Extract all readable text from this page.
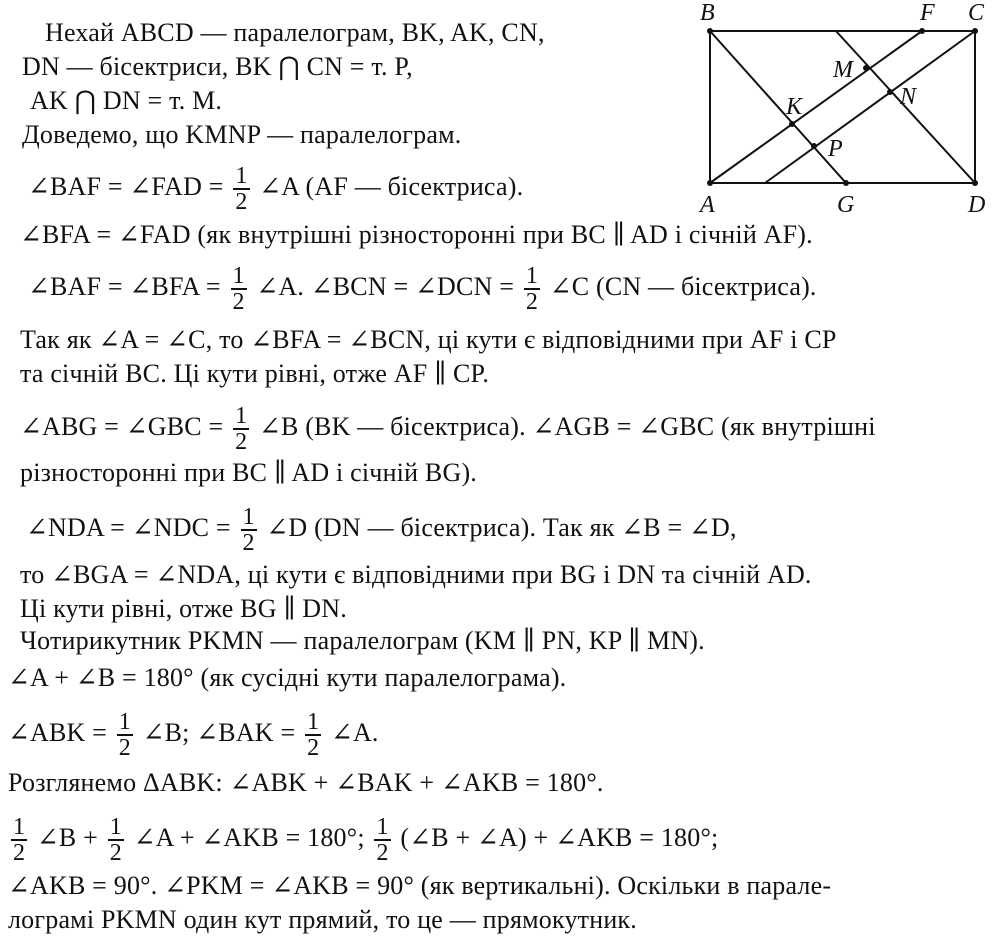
B	F C
M
N
K
P
A	G	D
Нехай ABCD — паралелограм, BK, AK, CN,
DN — бісектриси, BK ⋂ CN = т. P,
AK ⋂ DN = т. M.
Доведемо, що KMNP — паралелограм.
∠BAF = ∠FAD = $\frac{1}{2}$ ∠A (AF — бісектриса).
∠BFA = ∠FAD (як внутрішні різносторонні при BC ∥ AD і січній AF).
∠BAF = ∠BFA = $\frac{1}{2}$ ∠A. ∠BCN = ∠DCN = $\frac{1}{2}$ ∠C (CN — бісектриса).
Так як ∠A = ∠C, то ∠BFA = ∠BCN, ці кути є відповідними при AF і CP
та січній BC. Ці кути рівні, отже AF ∥ CP.
∠ABG = ∠GBC = $\frac{1}{2}$ ∠B (BK — бісектриса). ∠AGB = ∠GBC (як внутрішні
різносторонні при BC ∥ AD і січній BG).
∠NDA = ∠NDC = $\frac{1}{2}$ ∠D (DN — бісектриса). Так як ∠B = ∠D,
то ∠BGA = ∠NDA, ці кути є відповідними при BG і DN та січній AD.
Ці кути рівні, отже BG ∥ DN.
Чотирикутник PKMN — паралелограм (KM ∥ PN, KP ∥ MN).
∠A + ∠B = 180° (як сусідні кути паралелограма).
∠ABK = $\frac{1}{2}$ ∠B; ∠BAK = $\frac{1}{2}$ ∠A.
Розглянемо ΔABK: ∠ABK + ∠BAK + ∠AKB = 180°.
$\frac{1}{2}$ ∠B + $\frac{1}{2}$ ∠A + ∠AKB = 180°; $\frac{1}{2}$ (∠B + ∠A) + ∠AKB = 180°;
∠AKB = 90°. ∠PKM = ∠AKB = 90° (як вертикальні). Оскільки в парале-
лограмі PKMN один кут прямий, то це — прямокутник.
